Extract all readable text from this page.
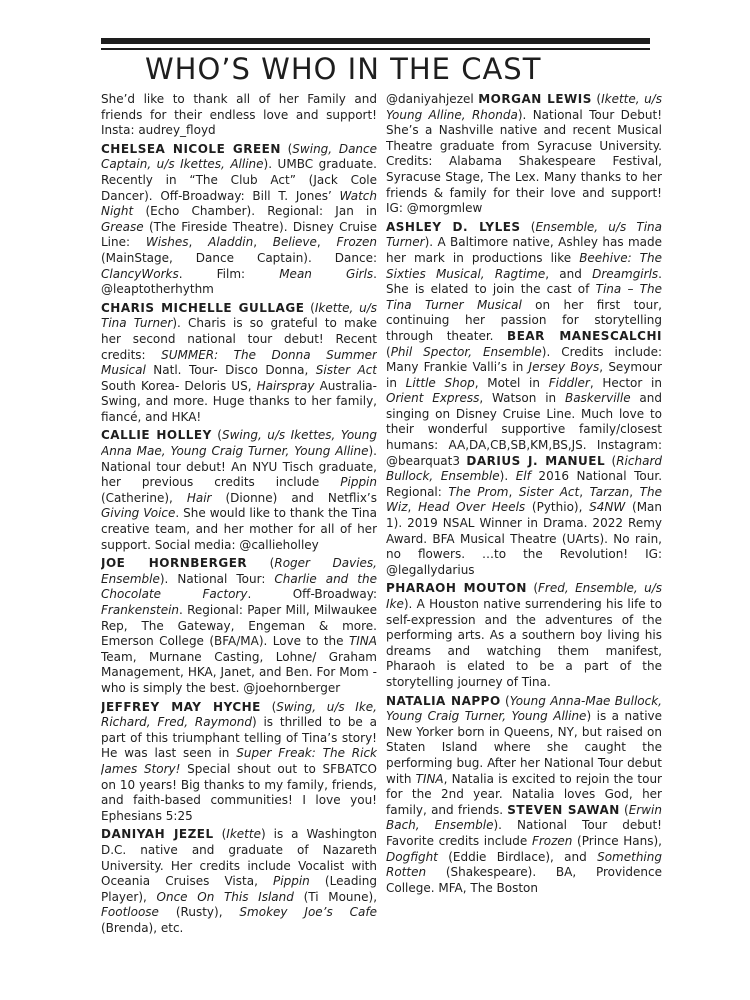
WHO’S WHO IN THE CAST

She’d like to thank all of her Family and friends for their endless love and support! Insta: audrey_floyd

CHELSEA NICOLE GREEN (Swing, Dance Captain, u/s Ikettes, Alline). UMBC graduate. Recently in “The Club Act” (Jack Cole Dancer). Off-Broadway: Bill T. Jones’ Watch Night (Echo Chamber). Regional: Jan in Grease (The Fireside Theatre). Disney Cruise Line: Wishes, Aladdin, Believe, Frozen (MainStage, Dance Captain). Dance: ClancyWorks. Film: Mean Girls. @leaptotherhythm

CHARIS MICHELLE GULLAGE (Ikette, u/s Tina Turner). Charis is so grateful to make her second national tour debut! Recent credits: SUMMER: The Donna Summer Musical Natl. Tour- Disco Donna, Sister Act South Korea- Deloris US, Hairspray Australia- Swing, and more. Huge thanks to her family, fiancé, and HKA!

CALLIE HOLLEY (Swing, u/s Ikettes, Young Anna Mae, Young Craig Turner, Young Alline). National tour debut! An NYU Tisch graduate, her previous credits include Pippin (Catherine), Hair (Dionne) and Netflix’s Giving Voice. She would like to thank the Tina creative team, and her mother for all of her support. Social media: @callieholley

JOE HORNBERGER (Roger Davies, Ensemble). National Tour: Charlie and the Chocolate Factory. Off-Broadway: Frankenstein. Regional: Paper Mill, Milwaukee Rep, The Gateway, Engeman & more. Emerson College (BFA/MA). Love to the TINA Team, Murnane Casting, Lohne/ Graham Management, HKA, Janet, and Ben. For Mom - who is simply the best. @joehornberger

JEFFREY MAY HYCHE (Swing, u/s Ike, Richard, Fred, Raymond) is thrilled to be a part of this triumphant telling of Tina’s story! He was last seen in Super Freak: The Rick James Story! Special shout out to SFBATCO on 10 years! Big thanks to my family, friends, and faith-based communities! I love you! Ephesians 5:25

DANIYAH JEZEL (Ikette) is a Washington D.C. native and graduate of Nazareth University. Her credits include Vocalist with Oceania Cruises Vista, Pippin (Leading Player), Once On This Island (Ti Moune), Footloose (Rusty), Smokey Joe’s Cafe (Brenda), etc.

@daniyahjezel MORGAN LEWIS (Ikette, u/s Young Alline, Rhonda). National Tour Debut! She’s a Nashville native and recent Musical Theatre graduate from Syracuse University. Credits: Alabama Shakespeare Festival, Syracuse Stage, The Lex. Many thanks to her friends & family for their love and support! IG: @morgmlew

ASHLEY D. LYLES (Ensemble, u/s Tina Turner). A Baltimore native, Ashley has made her mark in productions like Beehive: The Sixties Musical, Ragtime, and Dreamgirls. She is elated to join the cast of Tina – The Tina Turner Musical on her first tour, continuing her passion for storytelling through theater. BEAR MANESCALCHI (Phil Spector, Ensemble). Credits include: Many Frankie Valli’s in Jersey Boys, Seymour in Little Shop, Motel in Fiddler, Hector in Orient Express, Watson in Baskerville and singing on Disney Cruise Line. Much love to their wonderful supportive family/closest humans: AA,DA,CB,SB,KM,BS,JS. Instagram: @bearquat3 DARIUS J. MANUEL (Richard Bullock, Ensemble). Elf 2016 National Tour. Regional: The Prom, Sister Act, Tarzan, The Wiz, Head Over Heels (Pythio), S4NW (Man 1). 2019 NSAL Winner in Drama. 2022 Remy Award. BFA Musical Theatre (UArts). No rain, no flowers. …to the Revolution! IG: @legallydarius

PHARAOH MOUTON (Fred, Ensemble, u/s Ike). A Houston native surrendering his life to self-expression and the adventures of the performing arts. As a southern boy living his dreams and watching them manifest, Pharaoh is elated to be a part of the storytelling journey of Tina.

NATALIA NAPPO (Young Anna-Mae Bullock, Young Craig Turner, Young Alline) is a native New Yorker born in Queens, NY, but raised on Staten Island where she caught the performing bug. After her National Tour debut with TINA, Natalia is excited to rejoin the tour for the 2nd year. Natalia loves God, her family, and friends. STEVEN SAWAN (Erwin Bach, Ensemble). National Tour debut! Favorite credits include Frozen (Prince Hans), Dogfight (Eddie Birdlace), and Something Rotten (Shakespeare). BA, Providence College. MFA, The Boston
